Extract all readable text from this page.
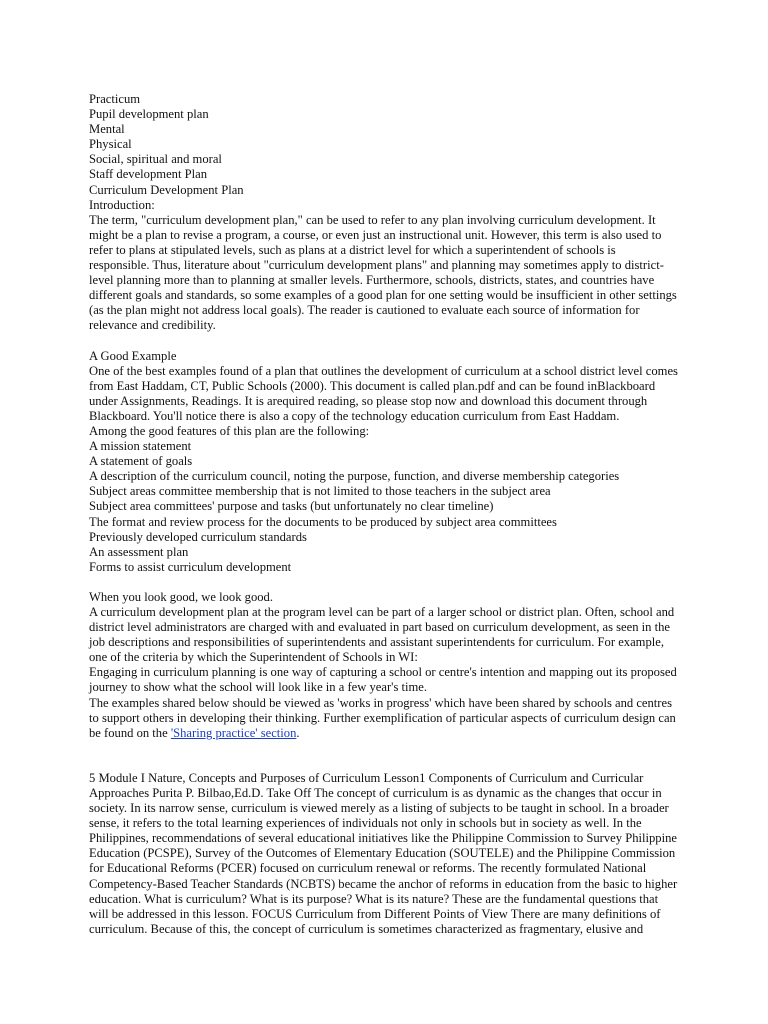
Practicum
Pupil development plan
Mental
Physical
Social, spiritual and moral
Staff development Plan
Curriculum Development Plan
Introduction:

The term, "curriculum development plan," can be used to refer to any plan involving curriculum development. It might be a plan to revise a program, a course, or even just an instructional unit. However, this term is also used to refer to plans at stipulated levels, such as plans at a district level for which a superintendent of schools is responsible. Thus, literature about "curriculum development plans" and planning may sometimes apply to district-level planning more than to planning at smaller levels. Furthermore, schools, districts, states, and countries have different goals and standards, so some examples of a good plan for one setting would be insufficient in other settings (as the plan might not address local goals). The reader is cautioned to evaluate each source of information for relevance and credibility.

A Good Example

One of the best examples found of a plan that outlines the development of curriculum at a school district level comes from East Haddam, CT, Public Schools (2000). This document is called plan.pdf and can be found inBlackboard under Assignments, Readings. It is arequired reading, so please stop now and download this document through Blackboard. You'll notice there is also a copy of the technology education curriculum from East Haddam.

Among the good features of this plan are the following:
A mission statement
A statement of goals
A description of the curriculum council, noting the purpose, function, and diverse membership categories
Subject areas committee membership that is not limited to those teachers in the subject area
Subject area committees' purpose and tasks (but unfortunately no clear timeline)
The format and review process for the documents to be produced by subject area committees
Previously developed curriculum standards
An assessment plan
Forms to assist curriculum development
When you look good, we look good.

A curriculum development plan at the program level can be part of a larger school or district plan. Often, school and district level administrators are charged with and evaluated in part based on curriculum development, as seen in the job descriptions and responsibilities of superintendents and assistant superintendents for curriculum. For example, one of the criteria by which the Superintendent of Schools in WI:

Engaging in curriculum planning is one way of capturing a school or centre's intention and mapping out its proposed journey to show what the school will look like in a few year's time.

The examples shared below should be viewed as 'works in progress' which have been shared by schools and centres to support others in developing their thinking. Further exemplification of particular aspects of curriculum design can be found on the 'Sharing practice' section.

5 Module I Nature, Concepts and Purposes of Curriculum Lesson1 Components of Curriculum and Curricular Approaches Purita P. Bilbao,Ed.D. Take Off The concept of curriculum is as dynamic as the changes that occur in society. In its narrow sense, curriculum is viewed merely as a listing of subjects to be taught in school. In a broader sense, it refers to the total learning experiences of individuals not only in schools but in society as well. In the Philippines, recommendations of several educational initiatives like the Philippine Commission to Survey Philippine Education (PCSPE), Survey of the Outcomes of Elementary Education (SOUTELE) and the Philippine Commission for Educational Reforms (PCER) focused on curriculum renewal or reforms. The recently formulated National Competency-Based Teacher Standards (NCBTS) became the anchor of reforms in education from the basic to higher education. What is curriculum? What is its purpose? What is its nature? These are the fundamental questions that will be addressed in this lesson. FOCUS Curriculum from Different Points of View There are many definitions of curriculum. Because of this, the concept of curriculum is sometimes characterized as fragmentary, elusive and
